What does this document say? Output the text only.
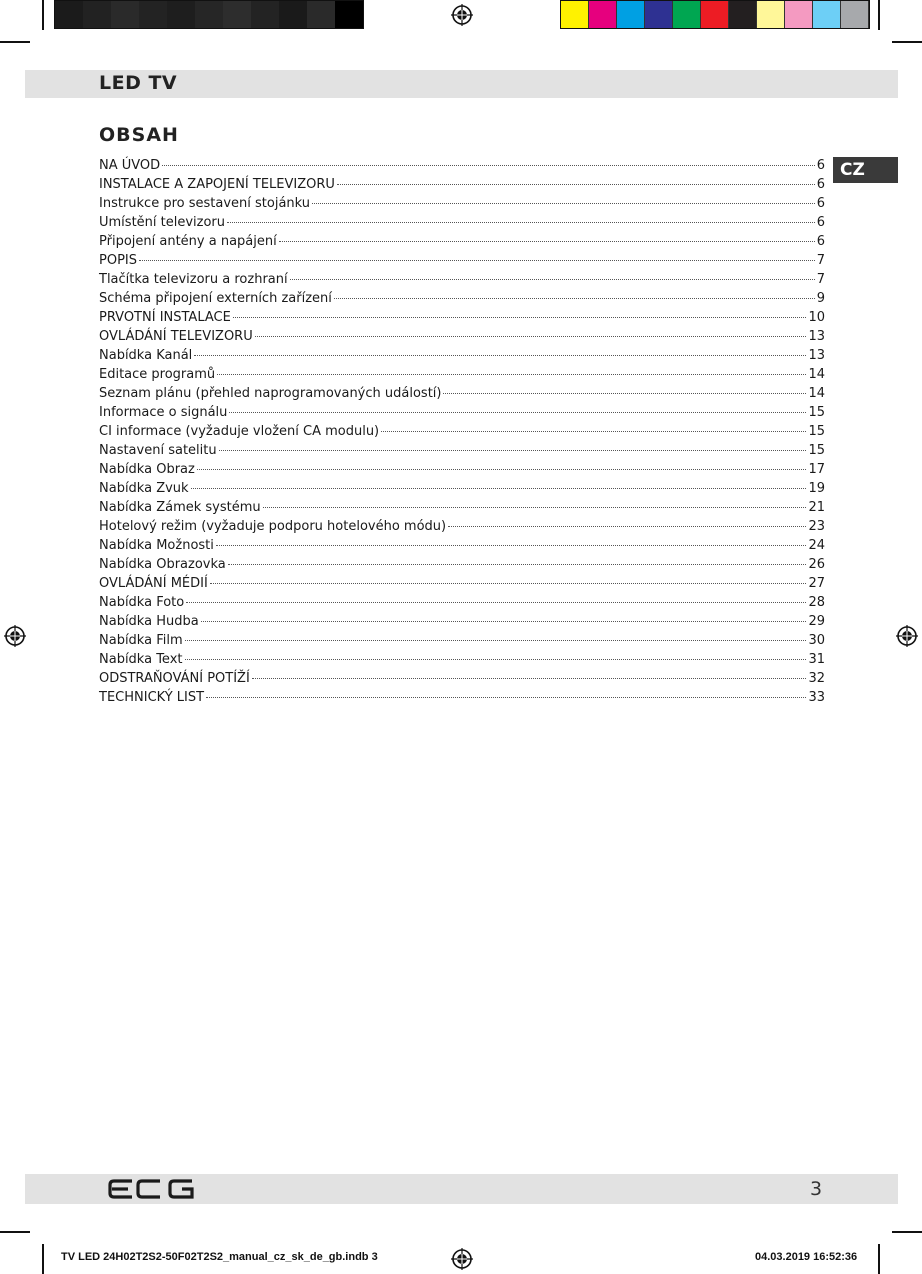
LED TV
OBSAH
CZ
NA ÚVOD	6
INSTALACE A ZAPOJENÍ TELEVIZORU	6
Instrukce pro sestavení stojánku	6
Umístění televizoru	6
Připojení antény a napájení	6
POPIS	7
Tlačítka televizoru a rozhraní	7
Schéma připojení externích zařízení	9
PRVOTNÍ INSTALACE	10
OVLÁDÁNÍ TELEVIZORU	13
Nabídka Kanál	13
Editace programů	14
Seznam plánu (přehled naprogramovaných událostí)	14
Informace o signálu	15
CI informace (vyžaduje vložení CA modulu)	15
Nastavení satelitu	15
Nabídka Obraz	17
Nabídka Zvuk	19
Nabídka Zámek systému	21
Hotelový režim (vyžaduje podporu hotelového módu)	23
Nabídka Možnosti	24
Nabídka Obrazovka	26
OVLÁDÁNÍ MÉDIÍ	27
Nabídka Foto	28
Nabídka Hudba	29
Nabídka Film	30
Nabídka Text	31
ODSTRAŇOVÁNÍ POTÍŽÍ	32
TECHNICKÝ LIST	33
3
TV LED 24H02T2S2-50F02T2S2_manual_cz_sk_de_gb.indb 3	04.03.2019 16:52:36
